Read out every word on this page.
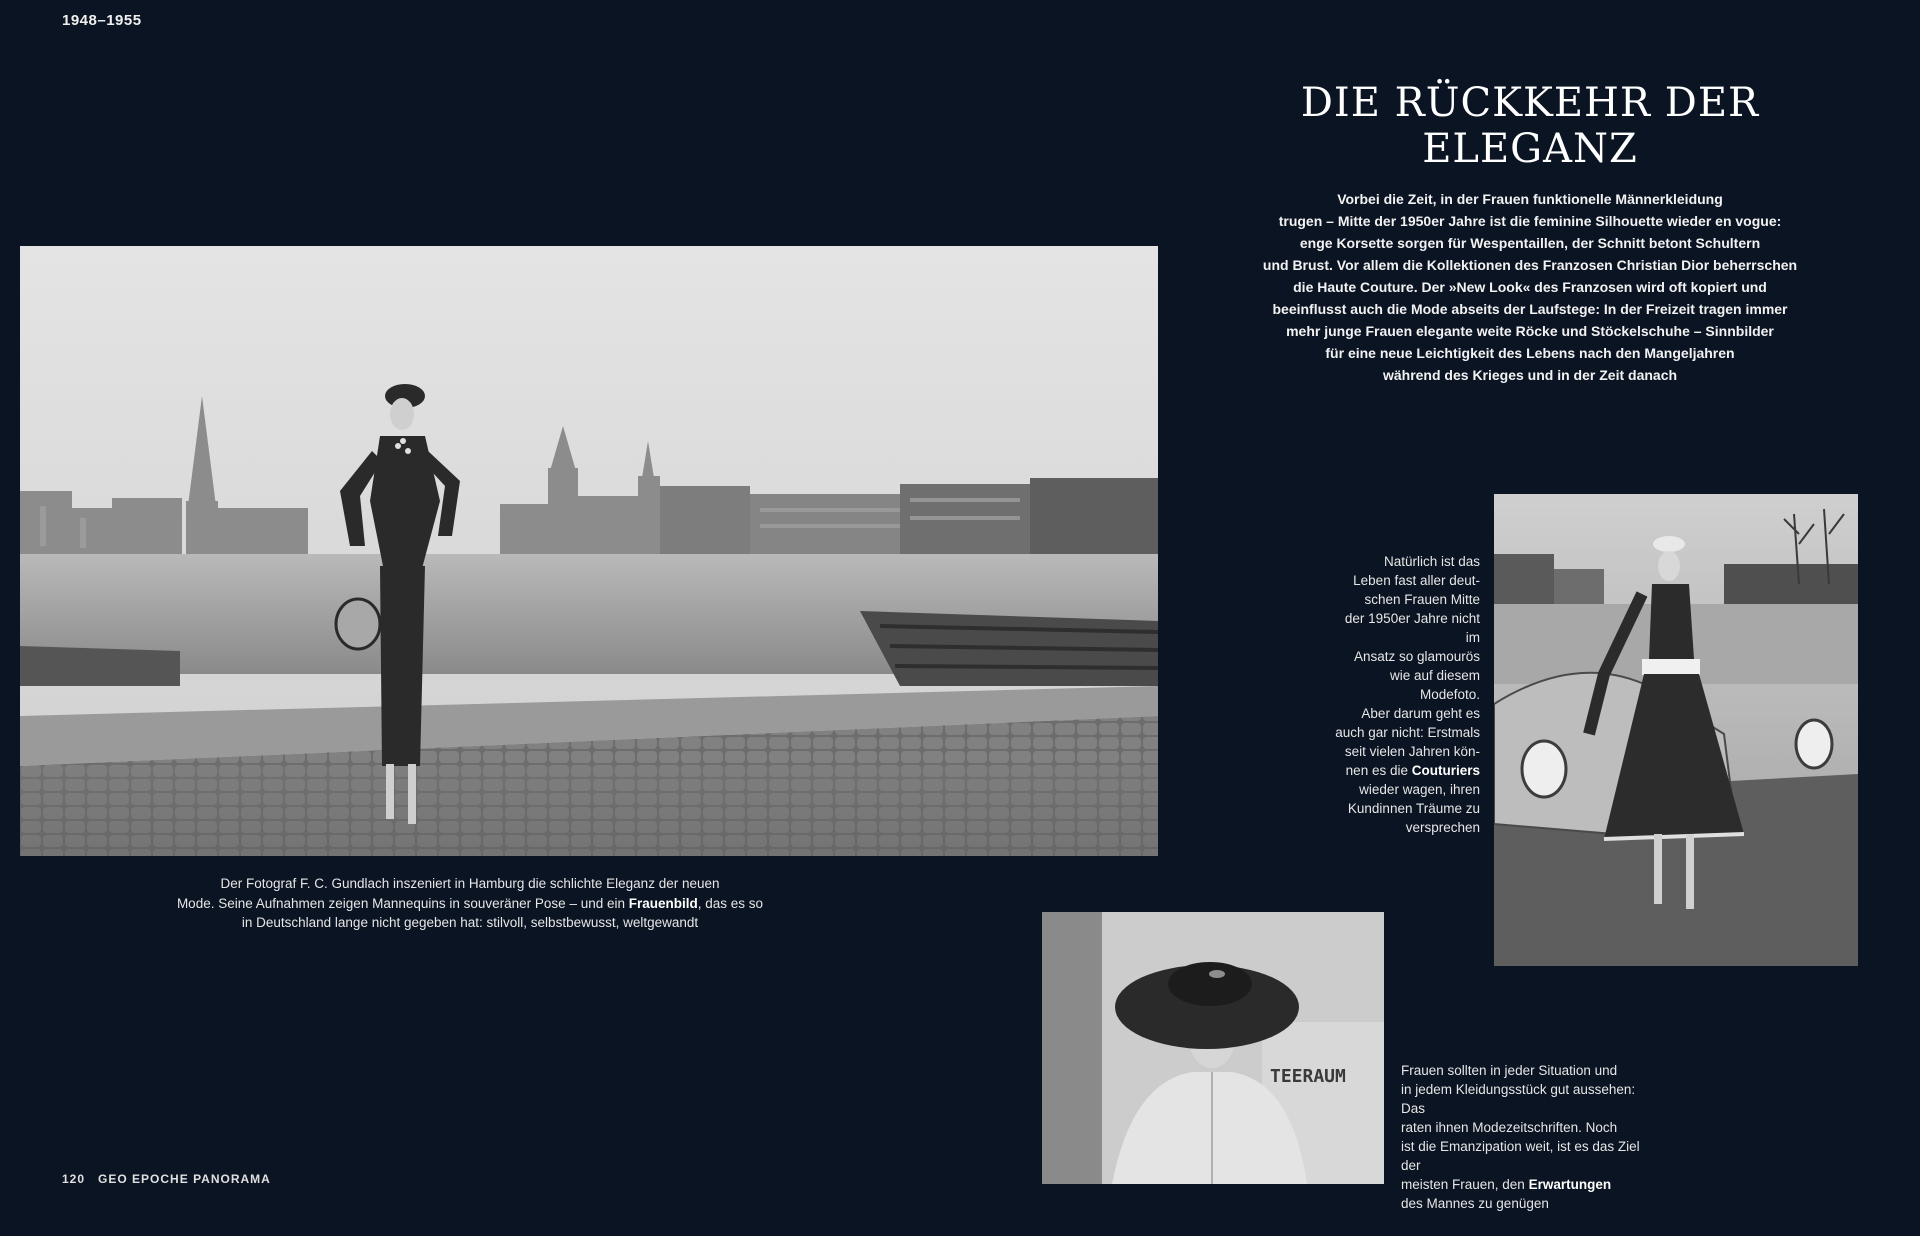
1948–1955
120 GEO EPOCHE PANORAMA
DIE RÜCKKEHR DER
ELEGANZ
Vorbei die Zeit, in der Frauen funktionelle Männerkleidung
trugen – Mitte der 1950er Jahre ist die feminine Silhouette wieder en vogue:
enge Korsette sorgen für Wespentaillen, der Schnitt betont Schultern
und Brust. Vor allem die Kollektionen des Franzosen Christian Dior beherrschen
die Haute Couture. Der »New Look« des Franzosen wird oft kopiert und
beeinflusst auch die Mode abseits der Laufstege: In der Freizeit tragen immer
mehr junge Frauen elegante weite Röcke und Stöckelschuhe – Sinnbilder
für eine neue Leichtigkeit des Lebens nach den Mangeljahren
während des Krieges und in der Zeit danach
Der Fotograf F. C. Gundlach inszeniert in Hamburg die schlichte Eleganz der neuen
Mode. Seine Aufnahmen zeigen Mannequins in souveräner Pose – und ein Frauenbild, das es so
in Deutschland lange nicht gegeben hat: stilvoll, selbstbewusst, weltgewandt
Natürlich ist das
Leben fast aller deut-
schen Frauen Mitte
der 1950er Jahre nicht im
Ansatz so glamourös
wie auf diesem Modefoto.
Aber darum geht es
auch gar nicht: Erstmals
seit vielen Jahren kön-
nen es die Couturiers
wieder wagen, ihren
Kundinnen Träume zu
versprechen
TEERAUM	Frauen sollten in jeder Situation und
in jedem Kleidungsstück gut aussehen: Das
raten ihnen Modezeitschriften. Noch
ist die Emanzipation weit, ist es das Ziel der
meisten Frauen, den Erwartungen
des Mannes zu genügen
